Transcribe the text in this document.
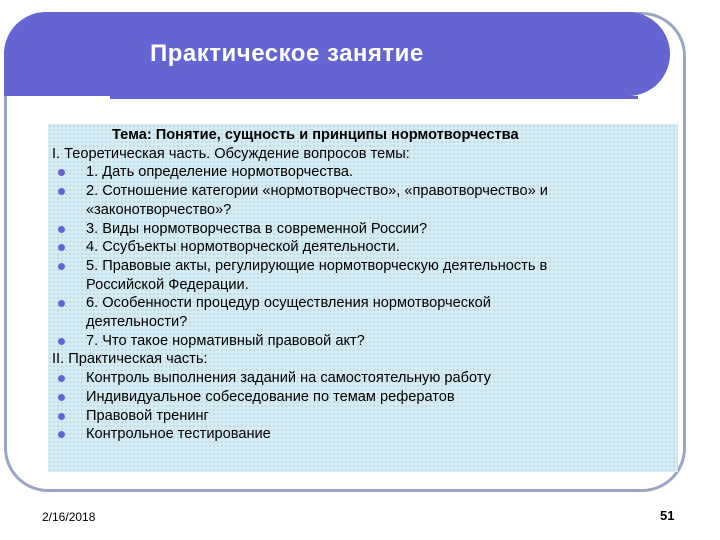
Практическое занятие
Тема: Понятие, сущность и принципы нормотворчества
I. Теоретическая часть. Обсуждение вопросов темы:
1. Дать определение нормотворчества.
2. Сотношение категории «нормотворчество», «правотворчество» и
«законотворчество»?
3. Виды нормотворчества в современной России?
4. Ссубъекты нормотворческой деятельности.
5. Правовые акты, регулирующие нормотворческую деятельность в
Российской Федерации.
6. Особенности процедур осуществления нормотворческой
деятельности?
7. Что такое нормативный правовой акт?
II. Практическая часть:
Контроль выполнения заданий на самостоятельную работу
Индивидуальное собеседование по темам рефератов
Правовой тренинг
Контрольное тестирование
2/16/2018	51
